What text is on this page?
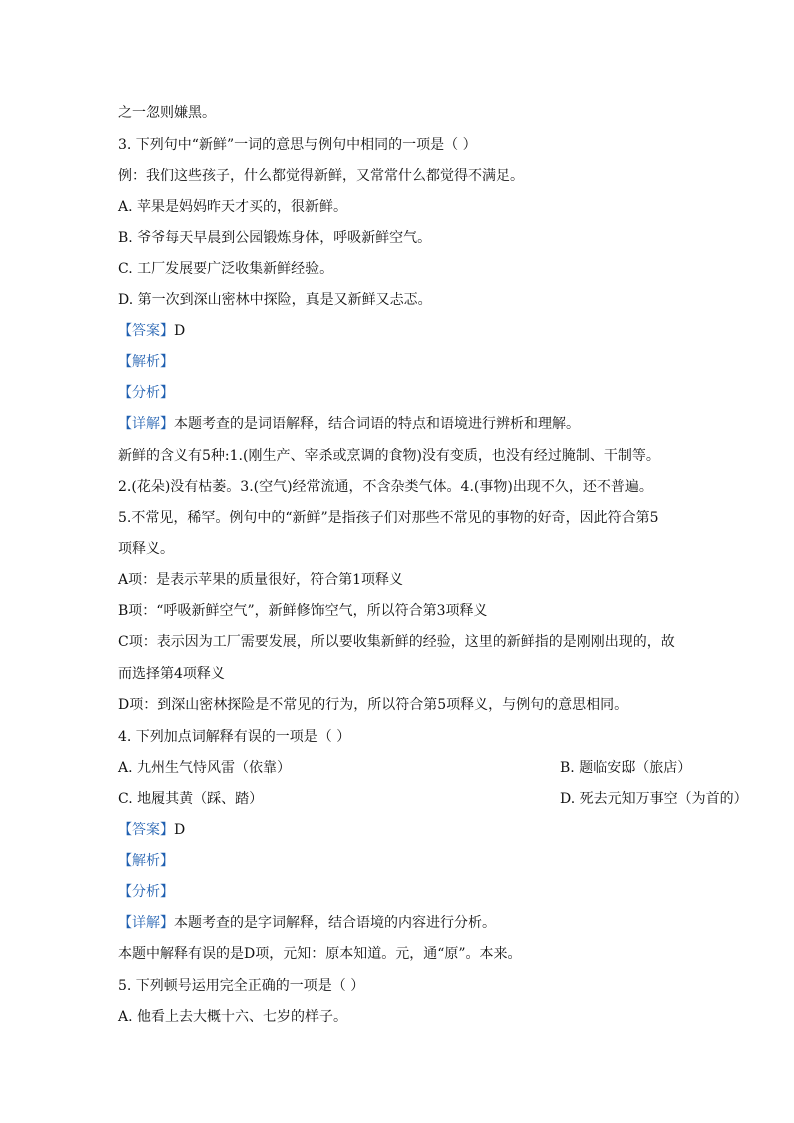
之一忽则嫌黑。
3. 下列句中“新鲜”一词的意思与例句中相同的一项是（ ）
例：我们这些孩子，什么都觉得新鲜，又常常什么都觉得不满足。
A. 苹果是妈妈昨天才买的，很新鲜。
B. 爷爷每天早晨到公园锻炼身体，呼吸新鲜空气。
C. 工厂发展要广泛收集新鲜经验。
D. 第一次到深山密林中探险，真是又新鲜又忐忑。
【答案】D
【解析】
【分析】
【详解】本题考查的是词语解释，结合词语的特点和语境进行辨析和理解。
新鲜的含义有5种:1.(刚生产、宰杀或烹调的食物)没有变质，也没有经过腌制、干制等。
2.(花朵)没有枯萎。3.(空气)经常流通，不含杂类气体。4.(事物)出现不久，还不普遍。
5.不常见，稀罕。例句中的“新鲜”是指孩子们对那些不常见的事物的好奇，因此符合第5
项释义。
A项：是表示苹果的质量很好，符合第1项释义
B项：“呼吸新鲜空气”，新鲜修饰空气，所以符合第3项释义
C项：表示因为工厂需要发展，所以要收集新鲜的经验，这里的新鲜指的是刚刚出现的，故
而选择第4项释义
D项：到深山密林探险是不常见的行为，所以符合第5项释义，与例句的意思相同。
4. 下列加点词解释有误的一项是（ ）
A. 九州生气恃风雷（依靠）	B. 题临安邸（旅店）
C. 地履其黄（踩、踏）	D. 死去元知万事空（为首的）
【答案】D
【解析】
【分析】
【详解】本题考查的是字词解释，结合语境的内容进行分析。
本题中解释有误的是D项，元知：原本知道。元，通“原”。本来。
5. 下列顿号运用完全正确的一项是（ ）
A. 他看上去大概十六、七岁的样子。
